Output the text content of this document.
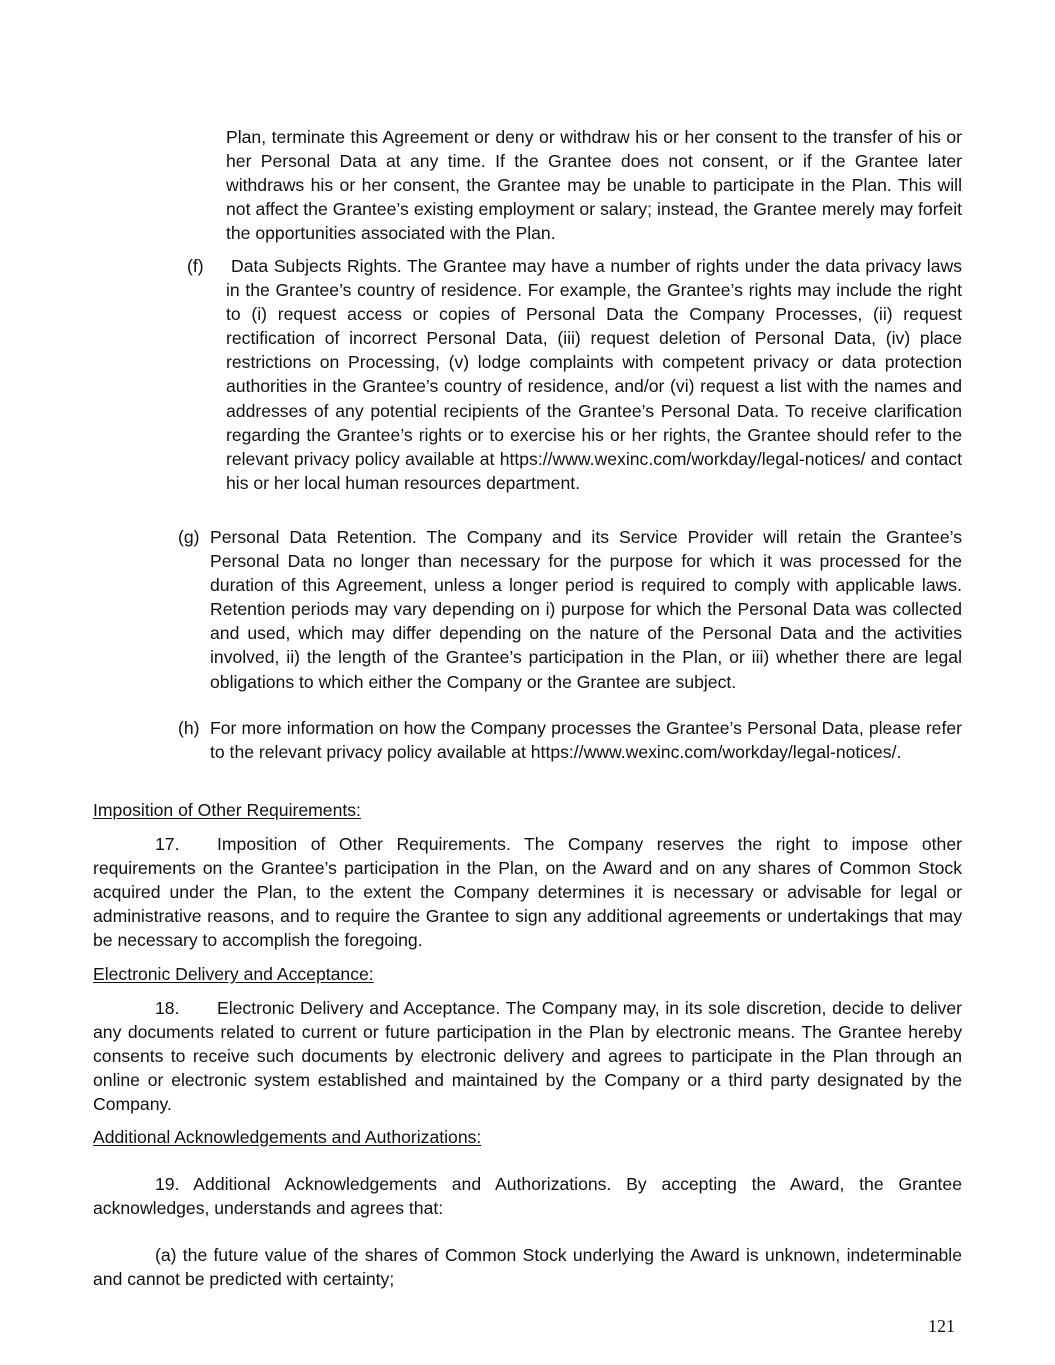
Plan, terminate this Agreement or deny or withdraw his or her consent to the transfer of his or her Personal Data at any time. If the Grantee does not consent, or if the Grantee later withdraws his or her consent, the Grantee may be unable to participate in the Plan. This will not affect the Grantee’s existing employment or salary; instead, the Grantee merely may forfeit the opportunities associated with the Plan.

(f) Data Subjects Rights. The Grantee may have a number of rights under the data privacy laws in the Grantee’s country of residence. For example, the Grantee’s rights may include the right to (i) request access or copies of Personal Data the Company Processes, (ii) request rectification of incorrect Personal Data, (iii) request deletion of Personal Data, (iv) place restrictions on Processing, (v) lodge complaints with competent privacy or data protection authorities in the Grantee’s country of residence, and/or (vi) request a list with the names and addresses of any potential recipients of the Grantee’s Personal Data. To receive clarification regarding the Grantee’s rights or to exercise his or her rights, the Grantee should refer to the relevant privacy policy available at https://www.wexinc.com/workday/legal-notices/ and contact his or her local human resources department.

(g) Personal Data Retention. The Company and its Service Provider will retain the Grantee’s Personal Data no longer than necessary for the purpose for which it was processed for the duration of this Agreement, unless a longer period is required to comply with applicable laws. Retention periods may vary depending on i) purpose for which the Personal Data was collected and used, which may differ depending on the nature of the Personal Data and the activities involved, ii) the length of the Grantee’s participation in the Plan, or iii) whether there are legal obligations to which either the Company or the Grantee are subject.

(h) For more information on how the Company processes the Grantee’s Personal Data, please refer to the relevant privacy policy available at https://www.wexinc.com/workday/legal-notices/.

Imposition of Other Requirements:

17. Imposition of Other Requirements. The Company reserves the right to impose other requirements on the Grantee’s participation in the Plan, on the Award and on any shares of Common Stock acquired under the Plan, to the extent the Company determines it is necessary or advisable for legal or administrative reasons, and to require the Grantee to sign any additional agreements or undertakings that may be necessary to accomplish the foregoing.

Electronic Delivery and Acceptance:

18. Electronic Delivery and Acceptance. The Company may, in its sole discretion, decide to deliver any documents related to current or future participation in the Plan by electronic means. The Grantee hereby consents to receive such documents by electronic delivery and agrees to participate in the Plan through an online or electronic system established and maintained by the Company or a third party designated by the Company.

Additional Acknowledgements and Authorizations:

19. Additional Acknowledgements and Authorizations. By accepting the Award, the Grantee acknowledges, understands and agrees that:

(a) the future value of the shares of Common Stock underlying the Award is unknown, indeterminable and cannot be predicted with certainty;

121
